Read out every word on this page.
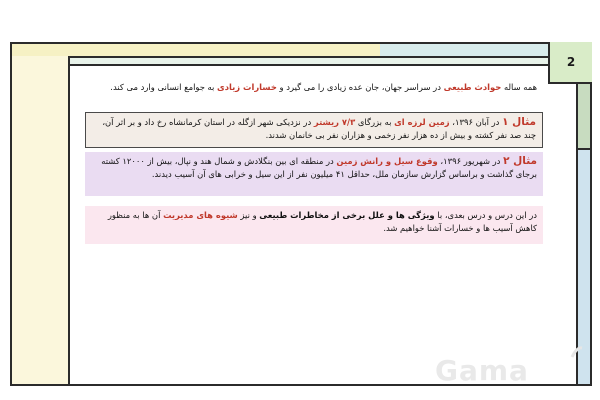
2
همه ساله حوادث طبیعی در سراسر جهان، جان عده زیادی را می گیرد و خسارات زیادی به جوامع انسانی وارد می کند.
مثال ۱ در آبان ۱۳۹۶، زمین لرزه ای به بزرگای ۷/۳ ریشتر در نزدیکی شهر ازگله در استان کرمانشاه رخ داد و بر اثر آن، چند صد نفر کشته و بیش از ده هزار نفر زخمی و هزاران نفر بی خانمان شدند.
مثال ۲ در شهریور ۱۳۹۶، وقوع سیل و رانش زمین در منطقه ای بین بنگلادش و شمال هند و نپال، بیش از ۱۲۰۰۰ کشته برجای گذاشت و براساس گزارش سازمان ملل، حداقل ۴۱ میلیون نفر از این سیل و خرابی های آن آسیب دیدند.
در این درس و درس بعدی، با ویژگی ها و علل برخی از مخاطرات طبیعی و نیز شیوه های مدیریت آن ها به منظور کاهش آسیب ها و خسارات آشنا خواهیم شد.
Gama
